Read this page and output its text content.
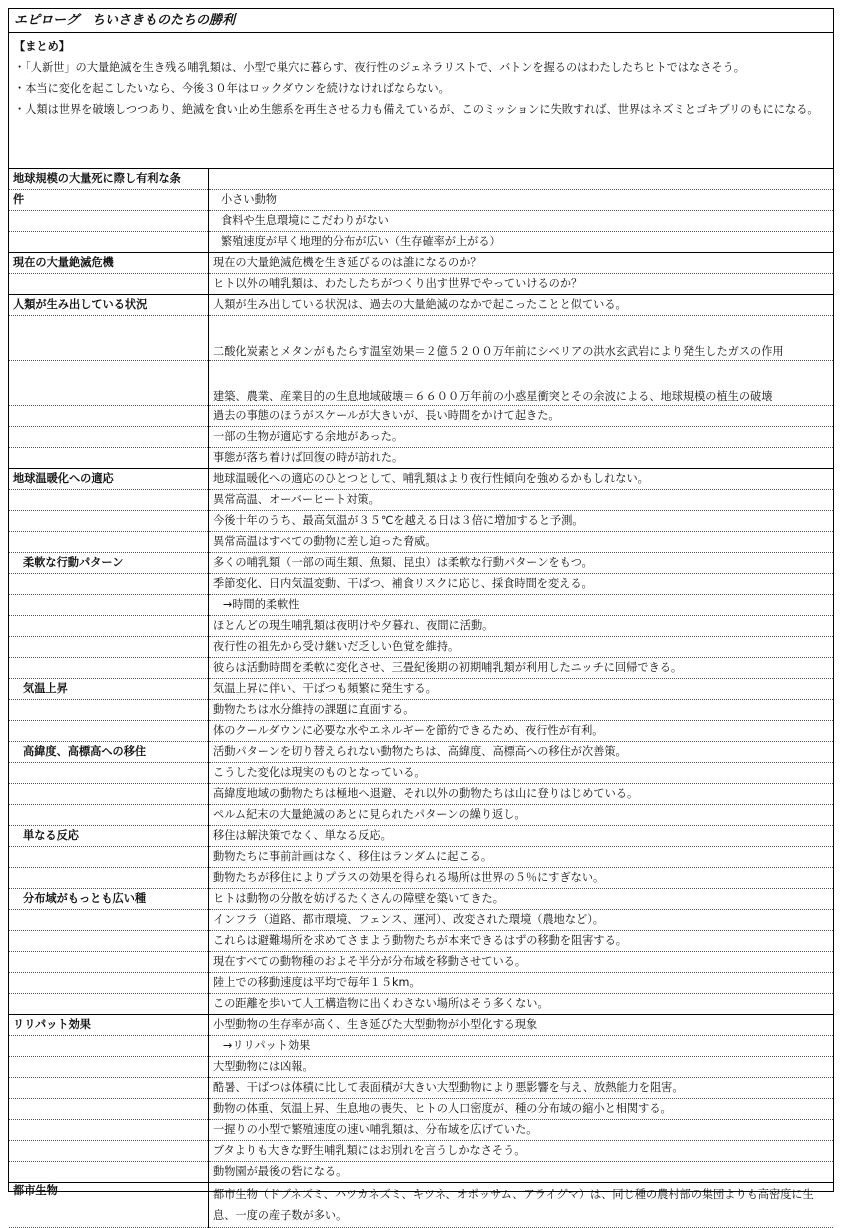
エピローグ　ちいさきものたちの勝利
【まとめ】
・「人新世」の大量絶滅を生き残る哺乳類は、小型で巣穴に暮らす、夜行性のジェネラリストで、バトンを握るのはわたしたちヒトではなさそう。
・本当に変化を起こしたいなら、今後３０年はロックダウンを続けなければならない。
・人類は世界を破壊しつつあり、絶滅を食い止め生態系を再生させる力も備えているが、このミッションに失敗すれば、世界はネズミとゴキブリのもにになる。
地球規模の大量死に際し有利な条	
件	小さい動物
	食料や生息環境にこだわりがない
	繁殖速度が早く地理的分布が広い（生存確率が上がる）
現在の大量絶滅危機	現在の大量絶滅危機を生き延びるのは誰になるのか？
	ヒト以外の哺乳類は、わたしたちがつくり出す世界でやっていけるのか？
人類が生み出している状況	人類が生み出している状況は、過去の大量絶滅のなかで起こったことと似ている。
	二酸化炭素とメタンがもたらす温室効果＝２億５２００万年前にシベリアの洪水玄武岩により発生したガスの作用
	建築、農業、産業目的の生息地域破壊＝６６００万年前の小惑星衝突とその余波による、地球規模の植生の破壊
	過去の事態のほうがスケールが大きいが、長い時間をかけて起きた。
	一部の生物が適応する余地があった。
	事態が落ち着けば回復の時が訪れた。
地球温暖化への適応	地球温暖化への適応のひとつとして、哺乳類はより夜行性傾向を強めるかもしれない。
	異常高温、オーバーヒート対策。
	今後十年のうち、最高気温が３５℃を越える日は３倍に増加すると予測。
	異常高温はすべての動物に差し迫った脅威。
柔軟な行動パターン	多くの哺乳類（一部の両生類、魚類、昆虫）は柔軟な行動パターンをもつ。
	季節変化、日内気温変動、干ばつ、補食リスクに応じ、採食時間を変える。
	→時間的柔軟性
	ほとんどの現生哺乳類は夜明けや夕暮れ、夜間に活動。
	夜行性の祖先から受け継いだ乏しい色覚を維持。
	彼らは活動時間を柔軟に変化させ、三畳紀後期の初期哺乳類が利用したニッチに回帰できる。
気温上昇	気温上昇に伴い、干ばつも頻繁に発生する。
	動物たちは水分維持の課題に直面する。
	体のクールダウンに必要な水やエネルギーを節約できるため、夜行性が有利。
高緯度、高標高への移住	活動パターンを切り替えられない動物たちは、高緯度、高標高への移住が次善策。
	こうした変化は現実のものとなっている。
	高緯度地域の動物たちは極地へ退避、それ以外の動物たちは山に登りはじめている。
	ペルム紀末の大量絶滅のあとに見られたパターンの繰り返し。
単なる反応	移住は解決策でなく、単なる反応。
	動物たちに事前計画はなく、移住はランダムに起こる。
	動物たちが移住によりプラスの効果を得られる場所は世界の５％にすぎない。
分布域がもっとも広い種	ヒトは動物の分散を妨げるたくさんの障壁を築いてきた。
	インフラ（道路、都市環境、フェンス、運河）、改変された環境（農地など）。
	これらは避難場所を求めてさまよう動物たちが本来できるはずの移動を阻害する。
	現在すべての動物種のおよそ半分が分布域を移動させている。
	陸上での移動速度は平均で毎年１５km。
	この距離を歩いて人工構造物に出くわさない場所はそう多くない。
リリパット効果	小型動物の生存率が高く、生き延びた大型動物が小型化する現象
	→リリパット効果
	大型動物には凶報。
	酷暑、干ばつは体積に比して表面積が大きい大型動物により悪影響を与え、放熱能力を阻害。
	動物の体重、気温上昇、生息地の喪失、ヒトの人口密度が、種の分布域の縮小と相関する。
	一握りの小型で繁殖速度の速い哺乳類は、分布域を広げていた。
	ブタよりも大きな野生哺乳類にはお別れを言うしかなさそう。
	動物園が最後の砦になる。
都市生物	都市生物（ドブネズミ、ハツカネズミ、キツネ、オポッサム、アライグマ）は、同じ種の農村部の集団よりも高密度に生息、一度の産子数が多い。
